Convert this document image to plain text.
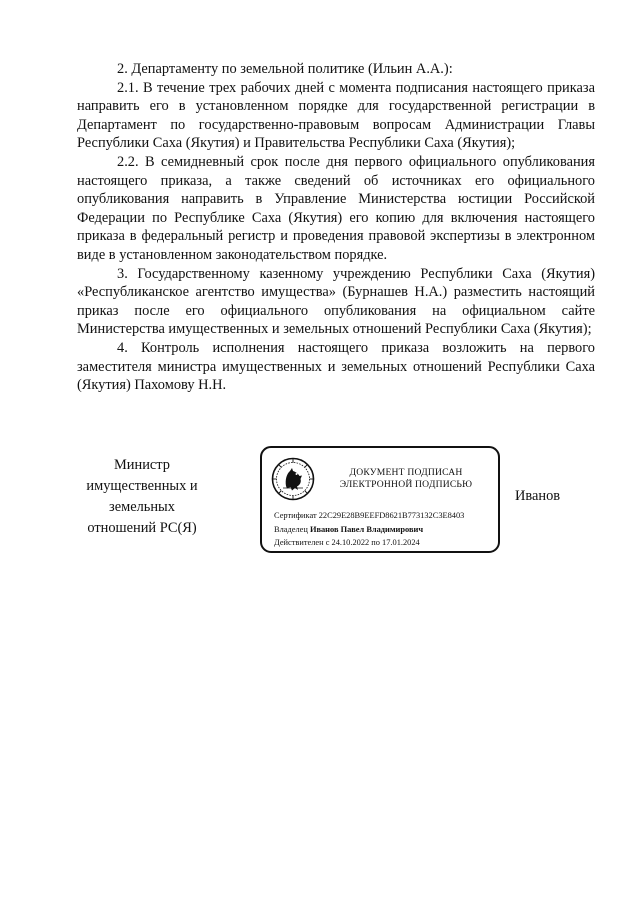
2. Департаменту по земельной политике (Ильин А.А.):

2.1. В течение трех рабочих дней с момента подписания настоящего приказа направить его в установленном порядке для государственной регистрации в Департамент по государственно-правовым вопросам Администрации Главы Республики Саха (Якутия) и Правительства Республики Саха (Якутия);

2.2. В семидневный срок после дня первого официального опубликования настоящего приказа, а также сведений об источниках его официального опубликования направить в Управление Министерства юстиции Российской Федерации по Республике Саха (Якутия) его копию для включения настоящего приказа в федеральный регистр и проведения правовой экспертизы в электронном виде в установленном законодательством порядке.

3. Государственному казенному учреждению Республики Саха (Якутия) «Республиканское агентство имущества» (Бурнашев Н.А.) разместить настоящий приказ после его официального опубликования на официальном сайте Министерства имущественных и земельных отношений Республики Саха (Якутия);

4. Контроль исполнения настоящего приказа возложить на первого заместителя министра имущественных и земельных отношений Республики Саха (Якутия) Пахомову Н.Н.

Министр
имущественных и
земельных
отношений РС(Я)
ДОКУМЕНТ ПОДПИСАН
ЭЛЕКТРОННОЙ ПОДПИСЬЮ
Сертификат 22C29E28B9EEFD8621B773132C3E8403
Владелец Иванов Павел Владимирович
Действителен с 24.10.2022 по 17.01.2024
Иванов
